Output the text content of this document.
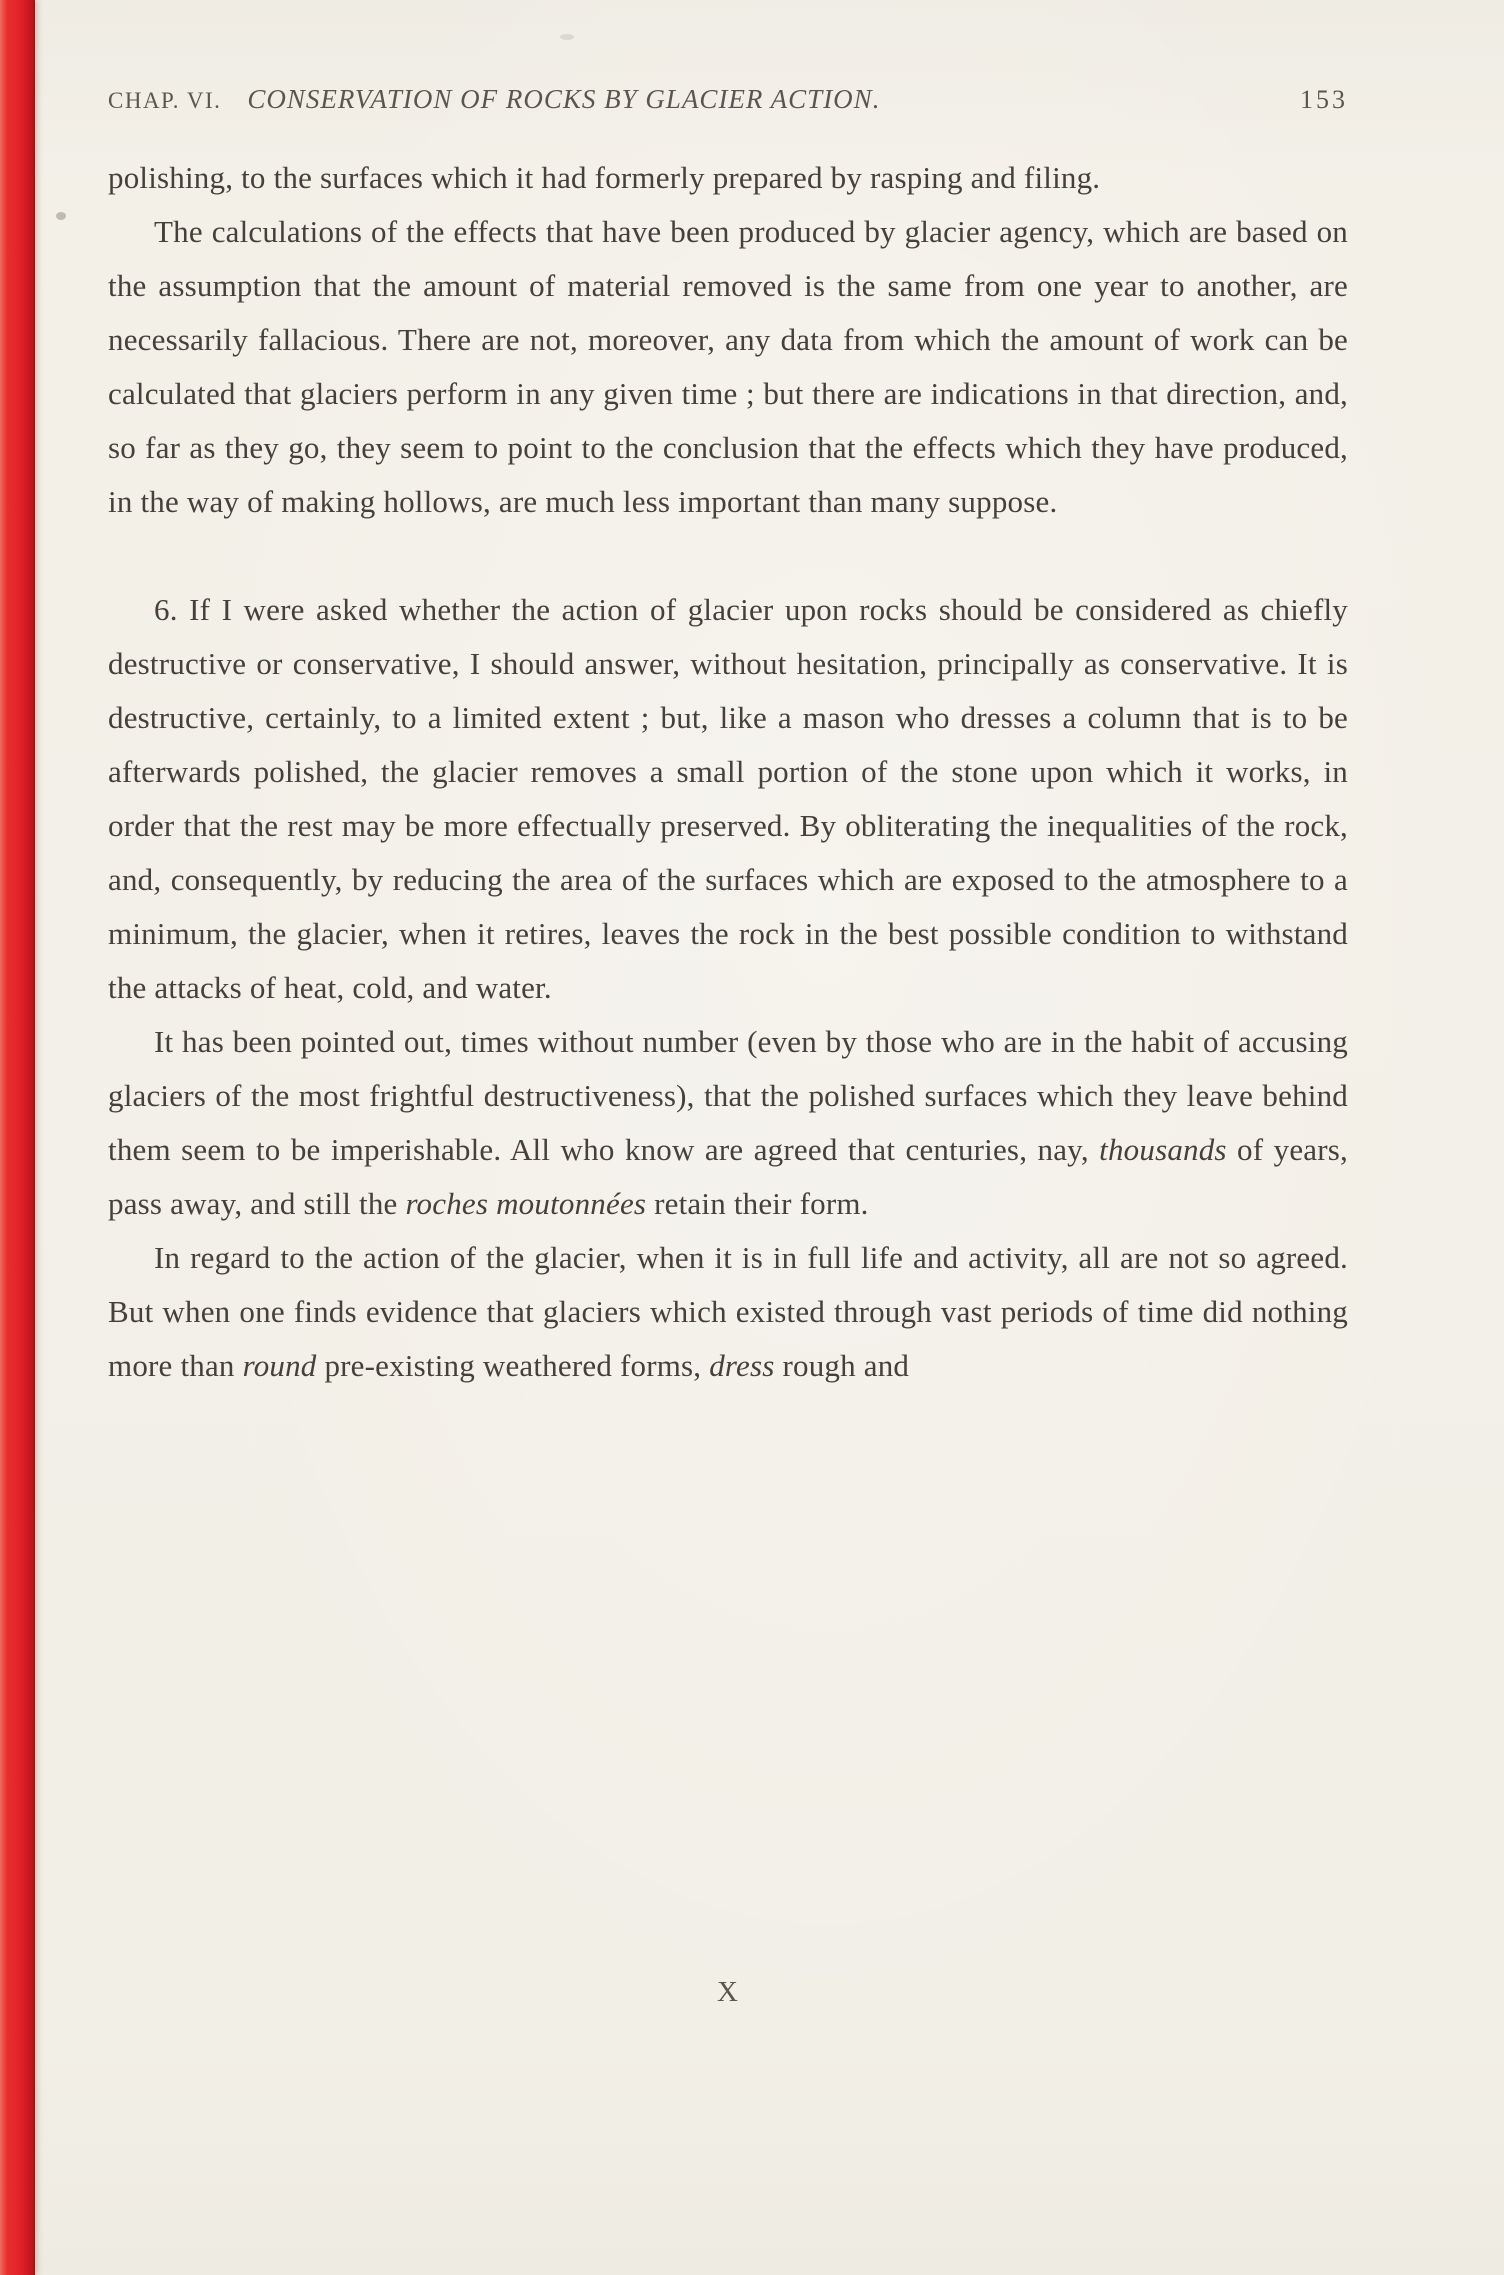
CHAP. VI. CONSERVATION OF ROCKS BY GLACIER ACTION.	153

polishing, to the surfaces which it had formerly prepared by rasping and filing.

The calculations of the effects that have been produced by glacier agency, which are based on the assumption that the amount of material removed is the same from one year to another, are necessarily fallacious. There are not, moreover, any data from which the amount of work can be calculated that glaciers perform in any given time ; but there are indications in that direction, and, so far as they go, they seem to point to the conclusion that the effects which they have produced, in the way of making hollows, are much less important than many suppose.

6. If I were asked whether the action of glacier upon rocks should be considered as chiefly destructive or conservative, I should answer, without hesitation, principally as conservative. It is destructive, certainly, to a limited extent ; but, like a mason who dresses a column that is to be afterwards polished, the glacier removes a small portion of the stone upon which it works, in order that the rest may be more effectually preserved. By obliterating the inequalities of the rock, and, consequently, by reducing the area of the surfaces which are exposed to the atmosphere to a minimum, the glacier, when it retires, leaves the rock in the best possible condition to withstand the attacks of heat, cold, and water.

It has been pointed out, times without number (even by those who are in the habit of accusing glaciers of the most frightful destructiveness), that the polished surfaces which they leave behind them seem to be imperishable. All who know are agreed that centuries, nay, thousands of years, pass away, and still the roches moutonnées retain their form.

In regard to the action of the glacier, when it is in full life and activity, all are not so agreed. But when one finds evidence that glaciers which existed through vast periods of time did nothing more than round pre-existing weathered forms, dress rough and

X
